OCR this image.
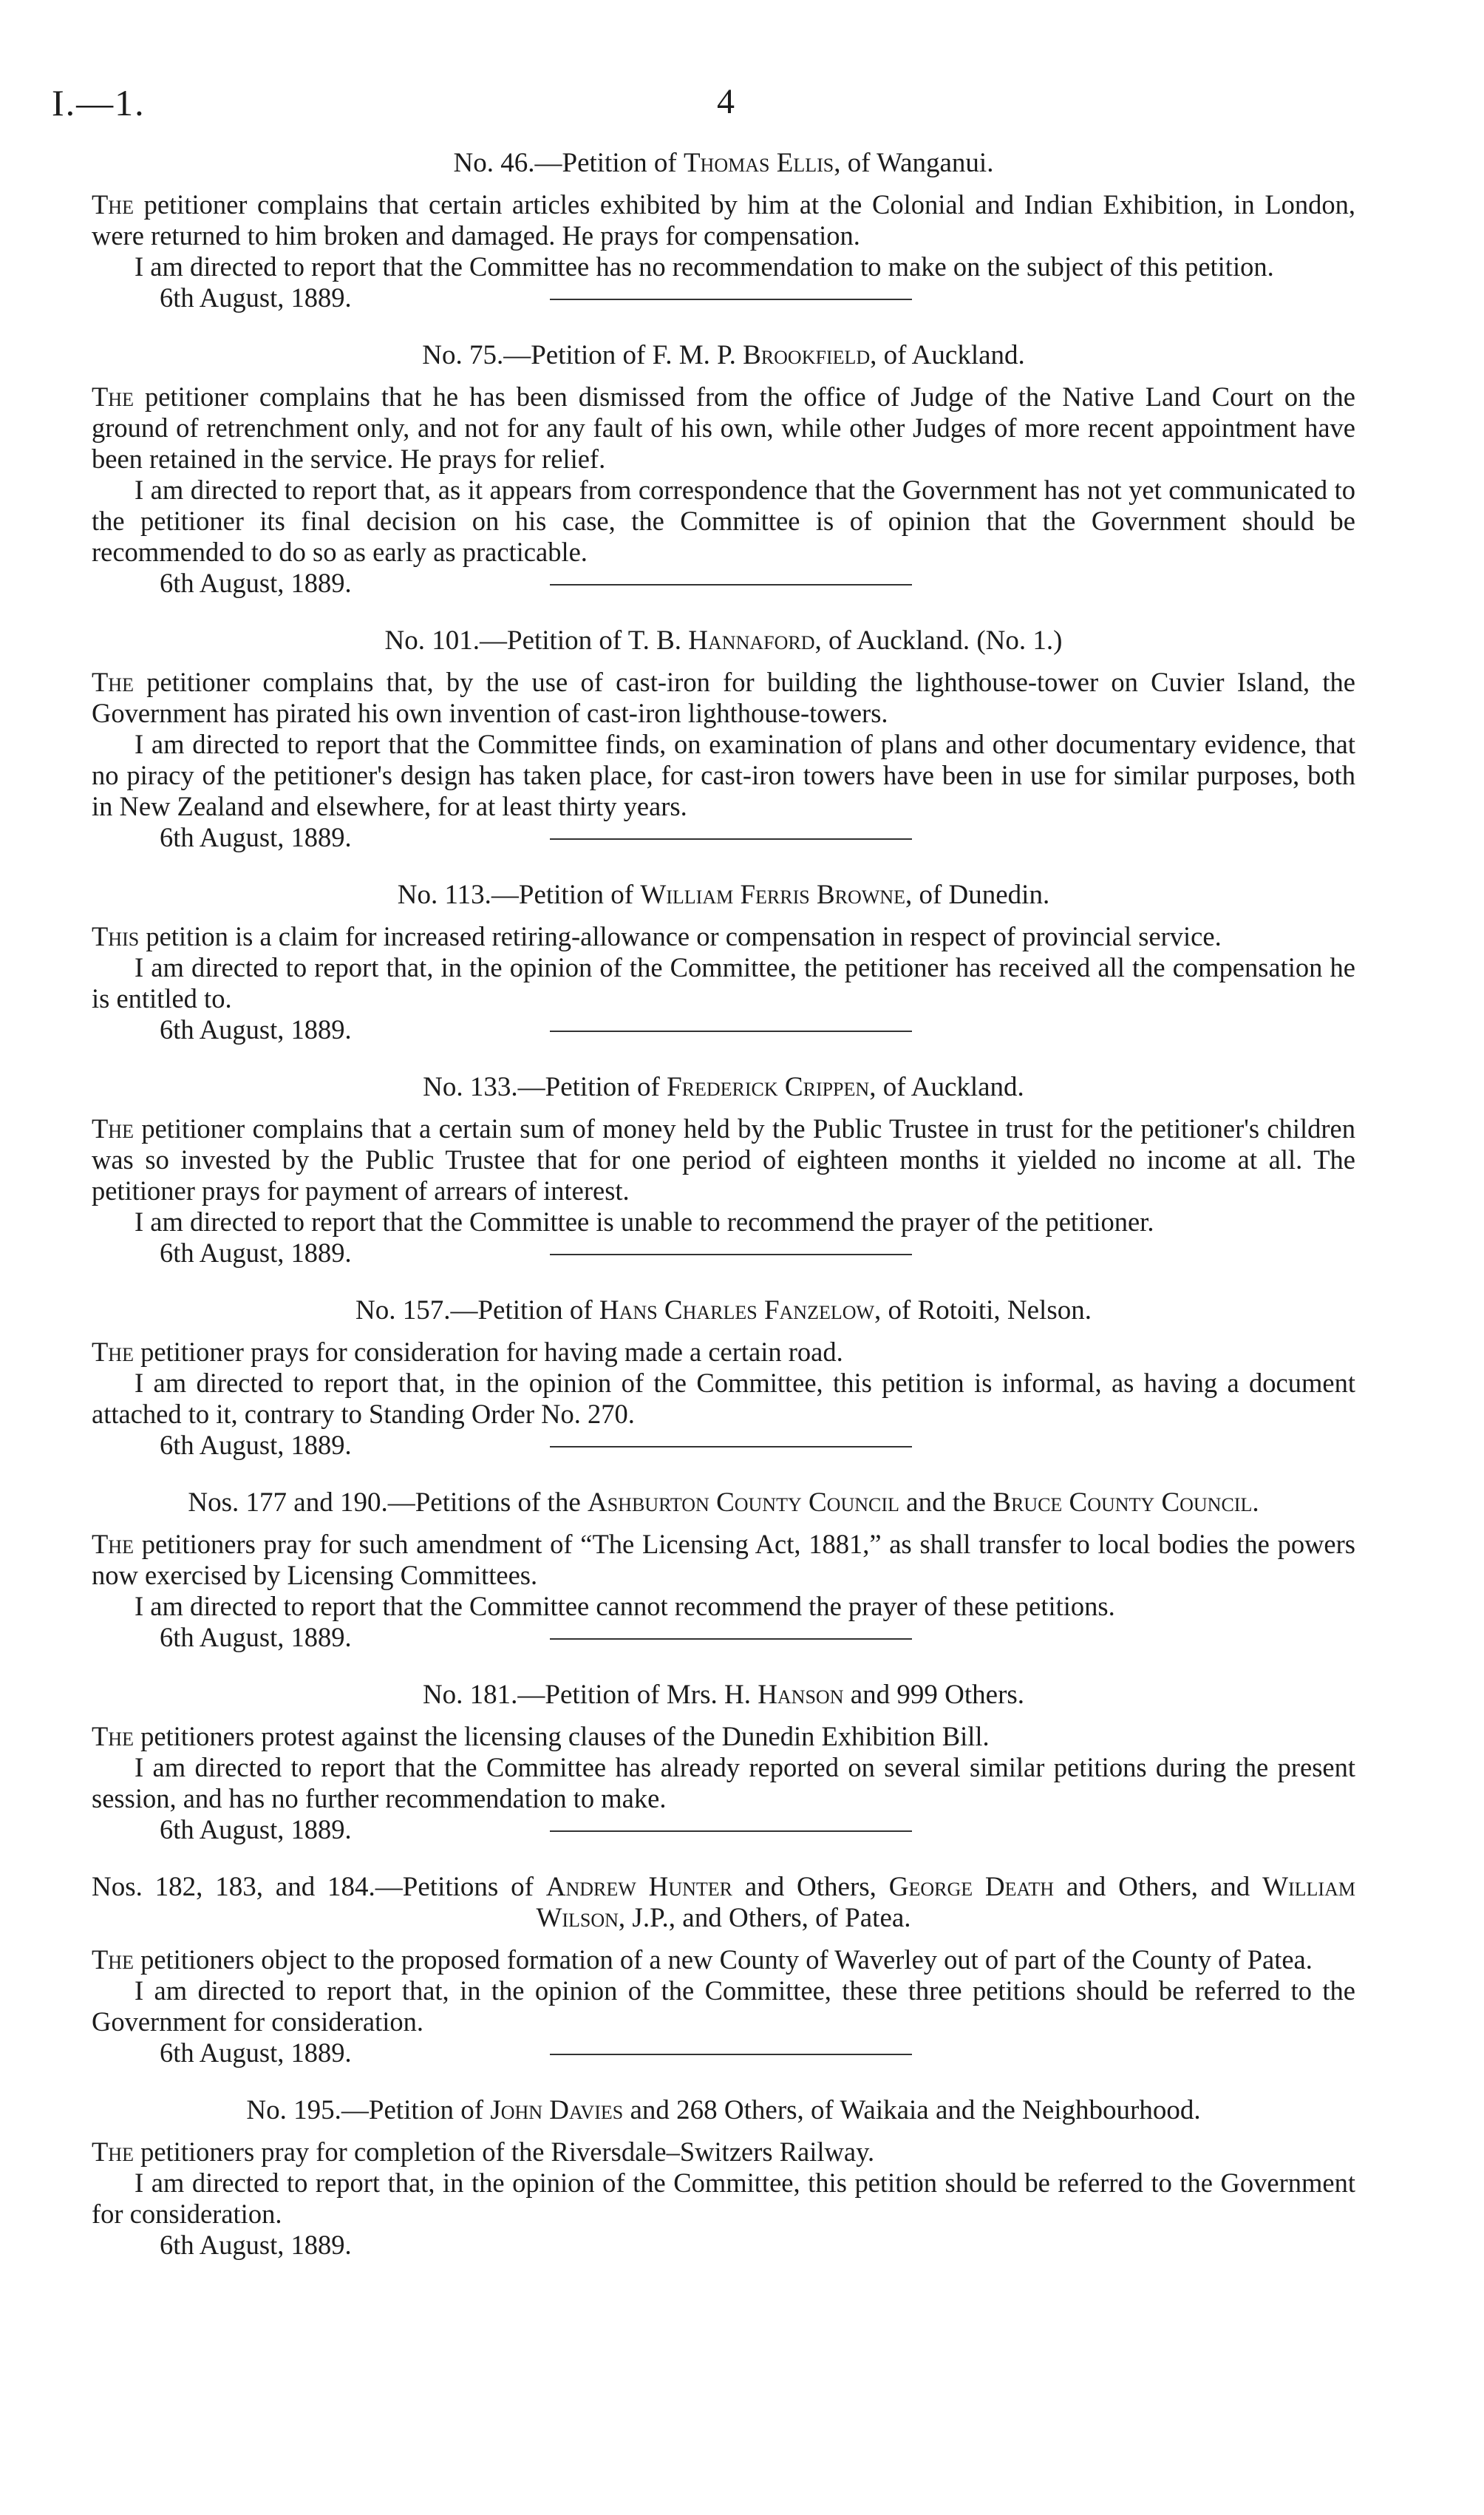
I.—1.	4
No. 46.—Petition of Thomas Ellis, of Wanganui.

The petitioner complains that certain articles exhibited by him at the Colonial and Indian Exhibition, in London, were returned to him broken and damaged. He prays for compensation.

I am directed to report that the Committee has no recommendation to make on the subject of this petition.

6th August, 1889.
No. 75.—Petition of F. M. P. Brookfield, of Auckland.

The petitioner complains that he has been dismissed from the office of Judge of the Native Land Court on the ground of retrenchment only, and not for any fault of his own, while other Judges of more recent appointment have been retained in the service. He prays for relief.

I am directed to report that, as it appears from correspondence that the Government has not yet communicated to the petitioner its final decision on his case, the Committee is of opinion that the Government should be recommended to do so as early as practicable.

6th August, 1889.
No. 101.—Petition of T. B. Hannaford, of Auckland. (No. 1.)

The petitioner complains that, by the use of cast-iron for building the lighthouse-tower on Cuvier Island, the Government has pirated his own invention of cast-iron lighthouse-towers.

I am directed to report that the Committee finds, on examination of plans and other documentary evidence, that no piracy of the petitioner's design has taken place, for cast-iron towers have been in use for similar purposes, both in New Zealand and elsewhere, for at least thirty years.

6th August, 1889.
No. 113.—Petition of William Ferris Browne, of Dunedin.

This petition is a claim for increased retiring-allowance or compensation in respect of provincial service.

I am directed to report that, in the opinion of the Committee, the petitioner has received all the compensation he is entitled to.

6th August, 1889.
No. 133.—Petition of Frederick Crippen, of Auckland.

The petitioner complains that a certain sum of money held by the Public Trustee in trust for the petitioner's children was so invested by the Public Trustee that for one period of eighteen months it yielded no income at all. The petitioner prays for payment of arrears of interest.

I am directed to report that the Committee is unable to recommend the prayer of the petitioner.

6th August, 1889.
No. 157.—Petition of Hans Charles Fanzelow, of Rotoiti, Nelson.

The petitioner prays for consideration for having made a certain road.

I am directed to report that, in the opinion of the Committee, this petition is informal, as having a document attached to it, contrary to Standing Order No. 270.

6th August, 1889.
Nos. 177 and 190.—Petitions of the Ashburton County Council and the Bruce County Council.

The petitioners pray for such amendment of “The Licensing Act, 1881,” as shall transfer to local bodies the powers now exercised by Licensing Committees.

I am directed to report that the Committee cannot recommend the prayer of these petitions.

6th August, 1889.
No. 181.—Petition of Mrs. H. Hanson and 999 Others.

The petitioners protest against the licensing clauses of the Dunedin Exhibition Bill.

I am directed to report that the Committee has already reported on several similar petitions during the present session, and has no further recommendation to make.

6th August, 1889.
Nos. 182, 183, and 184.—Petitions of Andrew Hunter and Others, George Death and Others, and William Wilson, J.P., and Others, of Patea.

The petitioners object to the proposed formation of a new County of Waverley out of part of the County of Patea.

I am directed to report that, in the opinion of the Committee, these three petitions should be referred to the Government for consideration.

6th August, 1889.
No. 195.—Petition of John Davies and 268 Others, of Waikaia and the Neighbourhood.

The petitioners pray for completion of the Riversdale–Switzers Railway.

I am directed to report that, in the opinion of the Committee, this petition should be referred to the Government for consideration.

6th August, 1889.
